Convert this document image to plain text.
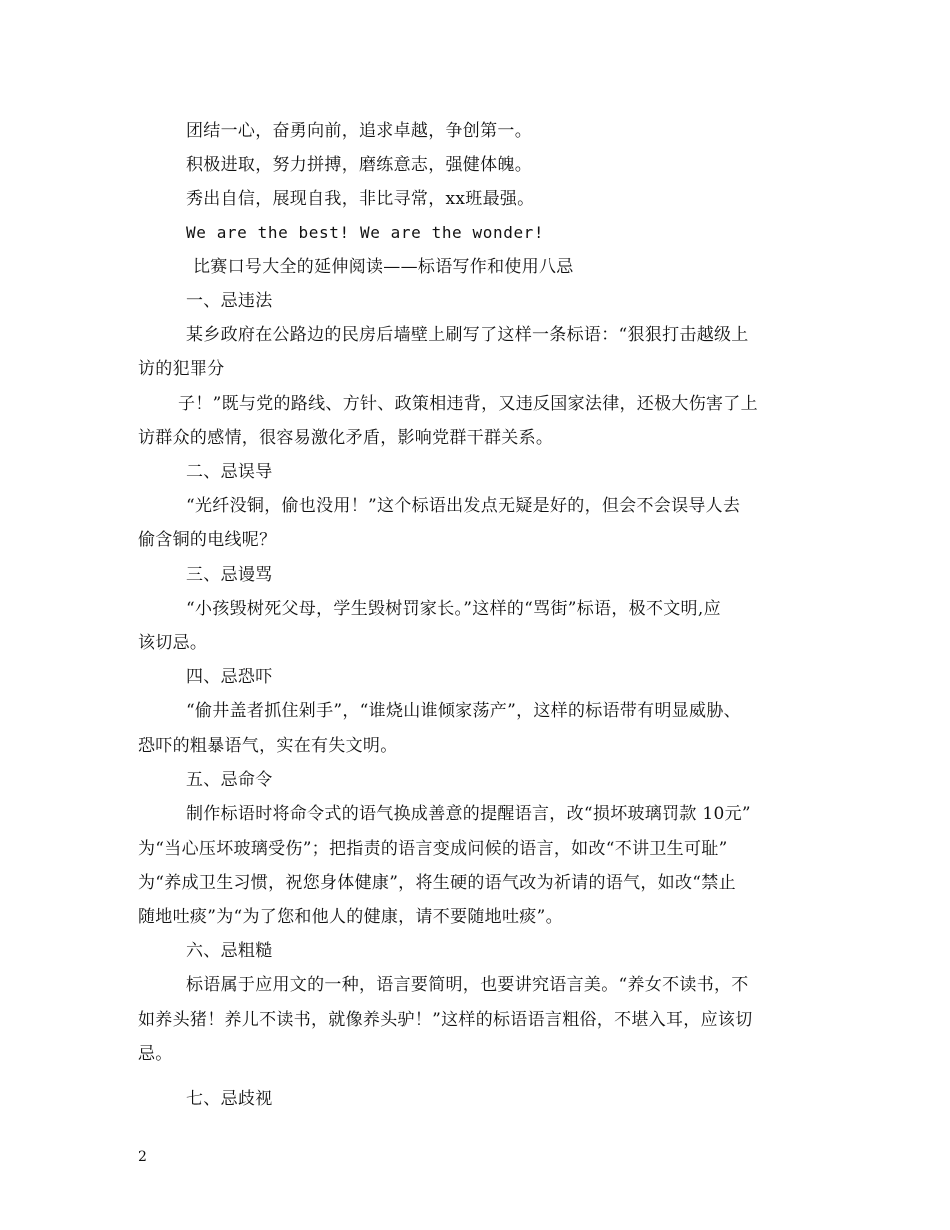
团结一心，奋勇向前，追求卓越，争创第一。
积极进取，努力拼搏，磨练意志，强健体魄。
秀出自信，展现自我，非比寻常，xx班最强。
We are the best! We are the wonder!
比赛口号大全的延伸阅读——标语写作和使用八忌
一、忌违法
某乡政府在公路边的民房后墙壁上刷写了这样一条标语：“狠狠打击越级上
访的犯罪分
子！”既与党的路线、方针、政策相违背，又违反国家法律，还极大伤害了上
访群众的感情，很容易激化矛盾，影响党群干群关系。
二、忌误导
“光纤没铜，偷也没用！”这个标语出发点无疑是好的，但会不会误导人去
偷含铜的电线呢？
三、忌谩骂
“小孩毁树死父母，学生毁树罚家长。”这样的“骂街”标语，极不文明,应
该切忌。
四、忌恐吓
“偷井盖者抓住剁手”，“谁烧山谁倾家荡产”，这样的标语带有明显威胁、
恐吓的粗暴语气，实在有失文明。
五、忌命令
制作标语时将命令式的语气换成善意的提醒语言，改“损坏玻璃罚款 10元”
为“当心压坏玻璃受伤”；把指责的语言变成问候的语言，如改“不讲卫生可耻”
为“养成卫生习惯，祝您身体健康”，将生硬的语气改为祈请的语气，如改“禁止
随地吐痰”为“为了您和他人的健康，请不要随地吐痰”。
六、忌粗糙
标语属于应用文的一种，语言要简明，也要讲究语言美。“养女不读书，不
如养头猪！养儿不读书，就像养头驴！”这样的标语语言粗俗，不堪入耳，应该切
忌。
七、忌歧视
2
